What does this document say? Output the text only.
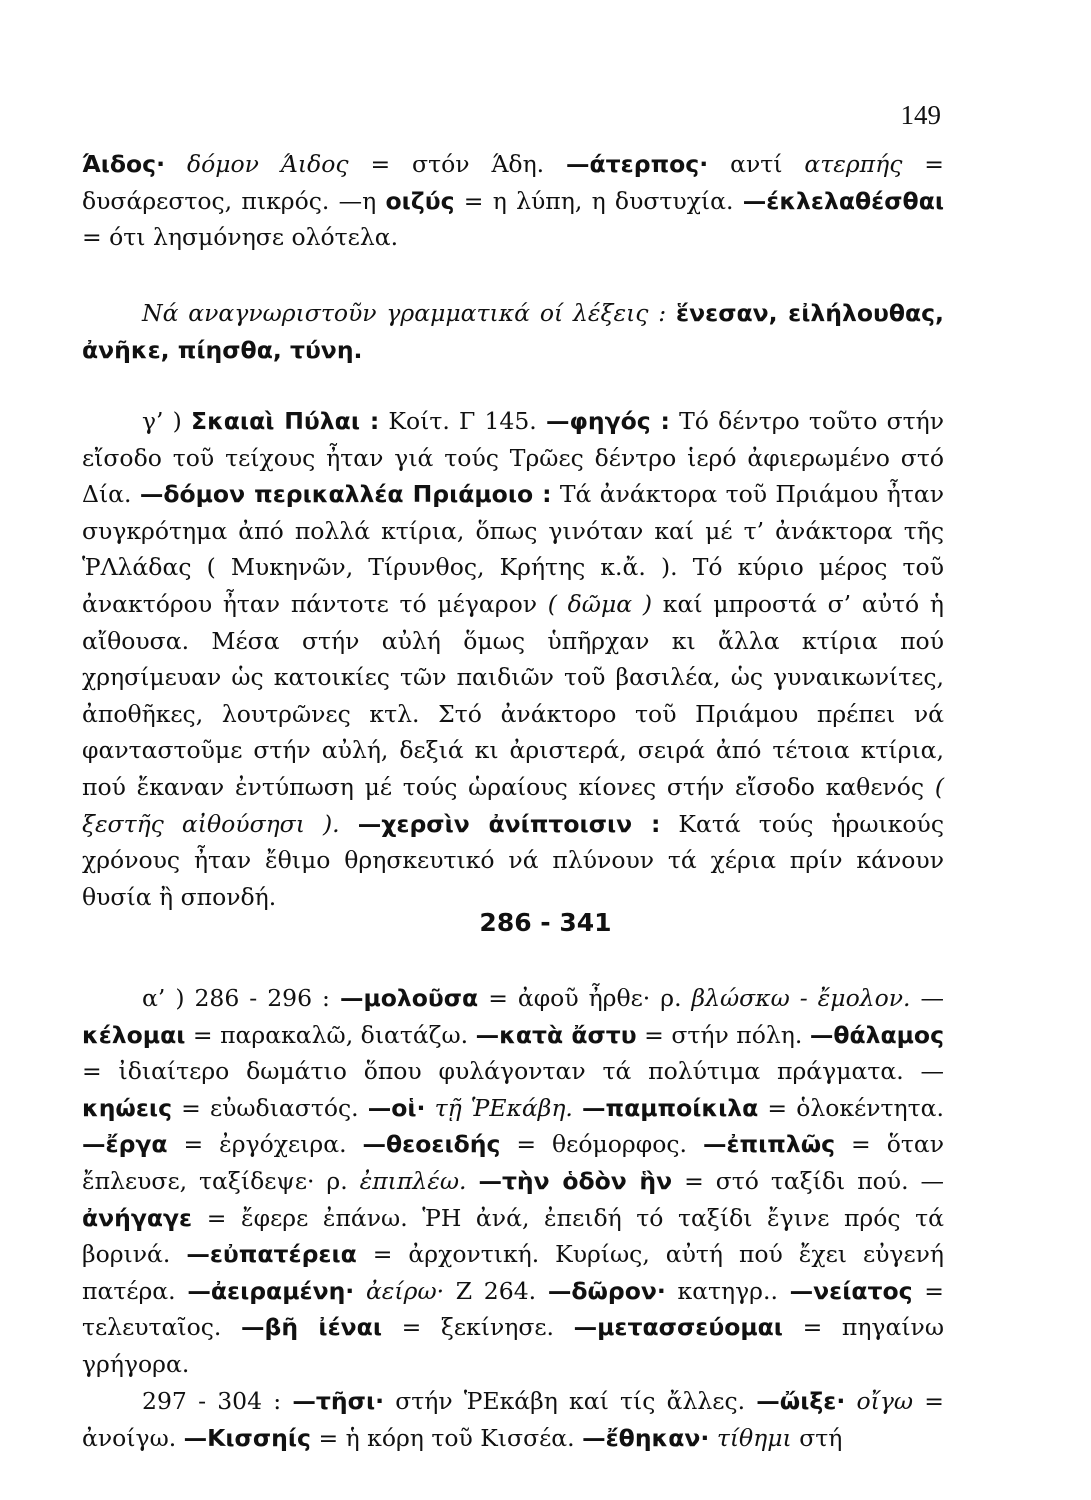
149

Άιδος· δόμον Άιδος = στόν Άδη. —άτερπος· αντί ατερπής = δυσάρεστος, πικρός. —η οιζύς = η λύπη, η δυστυχία. —έκλελαθέσθαι = ότι λησμόνησε ολότελα.

Νά αναγνωριστοῦν γραμματικά οί λέξεις : ἕνεσαν, εἰλήλουθας, ἀνῆκε, πίησθα, τύνη.

γ’ ) Σκαιαὶ Πύλαι : Κοίτ. Γ 145. —φηγός : Τό δέντρο τοῦτο στήν εἴσοδο τοῦ τείχους ἦταν γιά τούς Τρῶες δέντρο ἱερό ἀφιερωμένο στό Δία. —δόμον περικαλλέα Πριάμοιο : Τά ἀνάκτορα τοῦ Πριάμου ἦταν συγκρότημα ἀπό πολλά κτίρια, ὅπως γινόταν καί μέ τ’ ἀνάκτορα τῆς ῬΛλάδας ( Μυκηνῶν, Τίρυνθος, Κρήτης κ.ἄ. ). Τό κύριο μέρος τοῦ ἀνακτόρου ἦταν πάντοτε τό μέγαρον ( δῶμα ) καί μπροστά σ’ αὐτό ἡ αἴθουσα. Μέσα στήν αὐλή ὅμως ὑπῆρχαν κι ἄλλα κτίρια πού χρησίμευαν ὡς κατοικίες τῶν παιδιῶν τοῦ βασιλέα, ὡς γυναικωνίτες, ἀποθῆκες, λουτρῶνες κτλ. Στό ἀνάκτορο τοῦ Πριάμου πρέπει νά φανταστοῦμε στήν αὐλή, δεξιά κι ἀριστερά, σειρά ἀπό τέτοια κτίρια, πού ἔκαναν ἐντύπωση μέ τούς ὡραίους κίονες στήν εἴσοδο καθενός ( ξεστῆς αἰθούσησι ). —χερσὶν ἀνίπτοισιν : Κατά τούς ἡρωικούς χρόνους ἦταν ἔθιμο θρησκευτικό νά πλύνουν τά χέρια πρίν κάνουν θυσία ἢ σπονδή.

286 - 341

α’ ) 286 - 296 : —μολοῦσα = ἀφοῦ ἦρθε· ρ. βλώσκω - ἔμολον. — κέλομαι = παρακαλῶ, διατάζω. —κατὰ ἄστυ = στήν πόλη. —θάλαμος = ἰδιαίτερο δωμάτιο ὅπου φυλάγονταν τά πολύτιμα πράγματα. — κηώεις = εὐωδιαστός. —οἱ· τῇ ῬΕκάβη. —παμποίκιλα = ὁλοκέντητα. —ἔργα = ἐργόχειρα. —θεοειδής = θεόμορφος. —ἐπιπλῶς = ὅταν ἔπλευσε, ταξίδεψε· ρ. ἐπιπλέω. —τὴν ὁδὸν ἣν = στό ταξίδι πού. — ἀνήγαγε = ἔφερε ἐπάνω. ῬΗ ἀνά, ἐπειδή τό ταξίδι ἔγινε πρός τά βορινά. —εὐπατέρεια = ἀρχοντική. Κυρίως, αὐτή πού ἔχει εὐγενή πατέρα. —ἀειραμένη· ἀείρω· Ζ 264. —δῶρον· κατηγρ.. —νείατος = τελευταῖος. —βῆ ἰέναι = ξεκίνησε. —μετασσεύομαι = πηγαίνω γρήγορα.

297 - 304 : —τῆσι· στήν ῬΕκάβη καί τίς ἄλλες. —ὤιξε· οἴγω = ἀνοίγω. —Κισσηίς = ἡ κόρη τοῦ Κισσέα. —ἔθηκαν· τίθημι στή
